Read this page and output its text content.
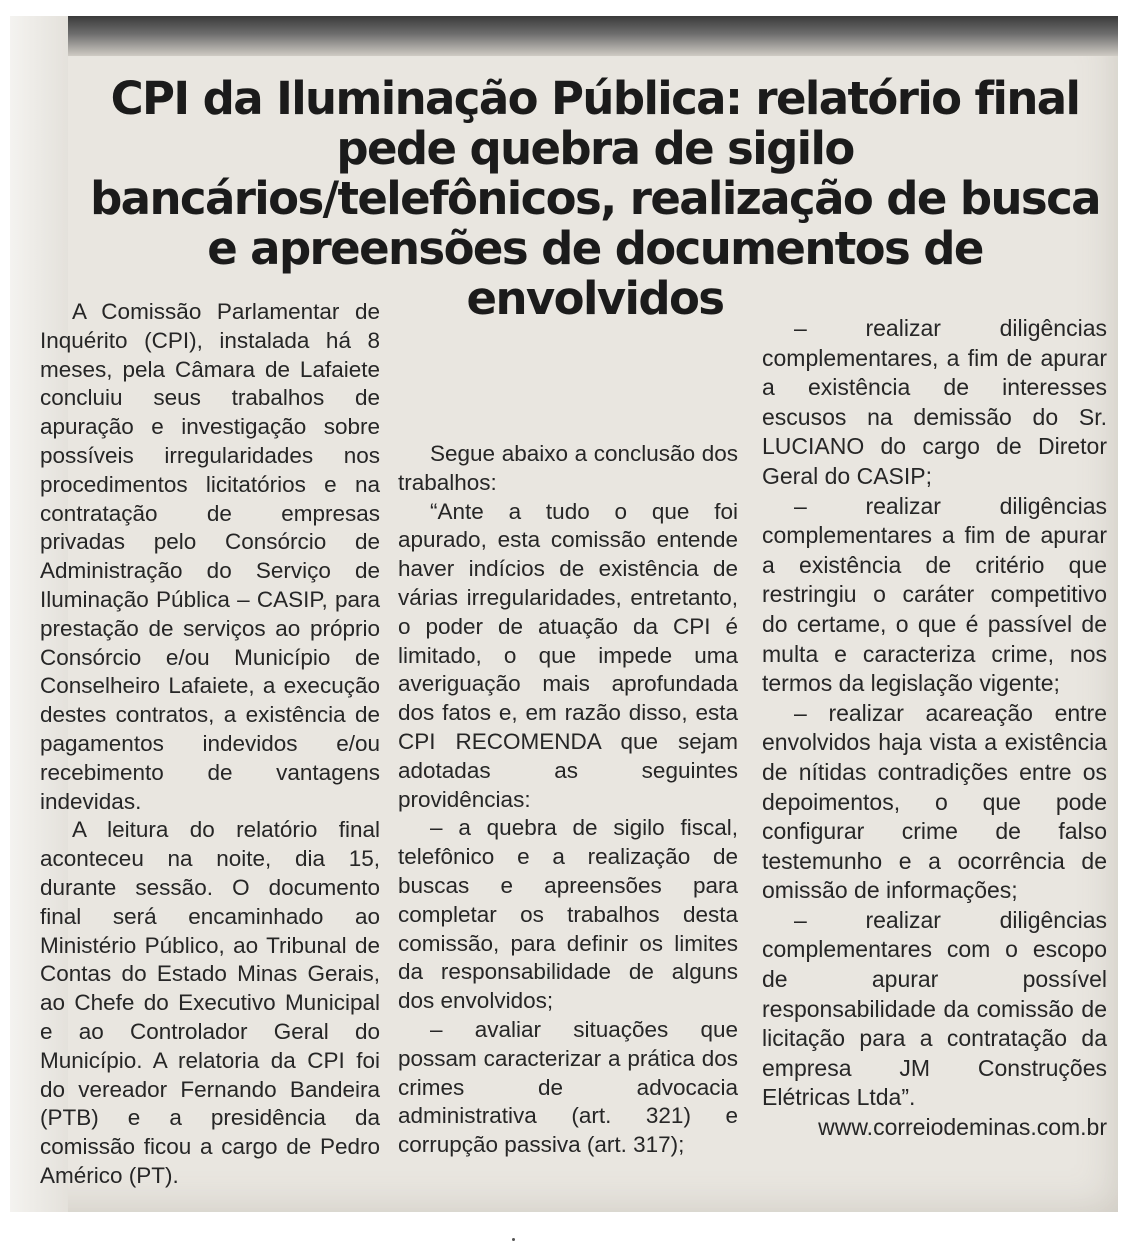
CPI da Iluminação Pública: relatório final pede quebra de sigilo bancários/telefônicos, realização de busca e apreensões de documentos de envolvidos

A Comissão Parlamentar de Inquérito (CPI), instalada há 8 meses, pela Câmara de Lafaiete concluiu seus trabalhos de apuração e investigação sobre possíveis irregularidades nos procedimentos licitatórios e na contratação de empresas privadas pelo Consórcio de Administração do Serviço de Iluminação Pública – CASIP, para prestação de serviços ao próprio Consórcio e/ou Município de Conselheiro Lafaiete, a execução destes contratos, a existência de pagamentos indevidos e/ou recebimento de vantagens indevidas.

A leitura do relatório final aconteceu na noite, dia 15, durante sessão. O documento final será encaminhado ao Ministério Público, ao Tribunal de Contas do Estado Minas Gerais, ao Chefe do Executivo Municipal e ao Controlador Geral do Município. A relatoria da CPI foi do vereador Fernando Bandeira (PTB) e a presidência da comissão ficou a cargo de Pedro Américo (PT).

Segue abaixo a conclusão dos trabalhos:

“Ante a tudo o que foi apurado, esta comissão entende haver indícios de existência de várias irregularidades, entretanto, o poder de atuação da CPI é limitado, o que impede uma averiguação mais aprofundada dos fatos e, em razão disso, esta CPI RECOMENDA que sejam adotadas as seguintes providências:

– a quebra de sigilo fiscal, telefônico e a realização de buscas e apreensões para completar os trabalhos desta comissão, para definir os limites da responsabilidade de alguns dos envolvidos;

– avaliar situações que possam caracterizar a prática dos crimes de advocacia administrativa (art. 321) e corrupção passiva (art. 317);

– realizar diligências complementares, a fim de apurar a existência de interesses escusos na demissão do Sr. LUCIANO do cargo de Diretor Geral do CASIP;

– realizar diligências complementares a fim de apurar a existência de critério que restringiu o caráter competitivo do certame, o que é passível de multa e caracteriza crime, nos termos da legislação vigente;

– realizar acareação entre envolvidos haja vista a existência de nítidas contradições entre os depoimentos, o que pode configurar crime de falso testemunho e a ocorrência de omissão de informações;

– realizar diligências complementares com o escopo de apurar possível responsabilidade da comissão de licitação para a contratação da empresa JM Construções Elétricas Ltda”.

www.correiodeminas.com.br
